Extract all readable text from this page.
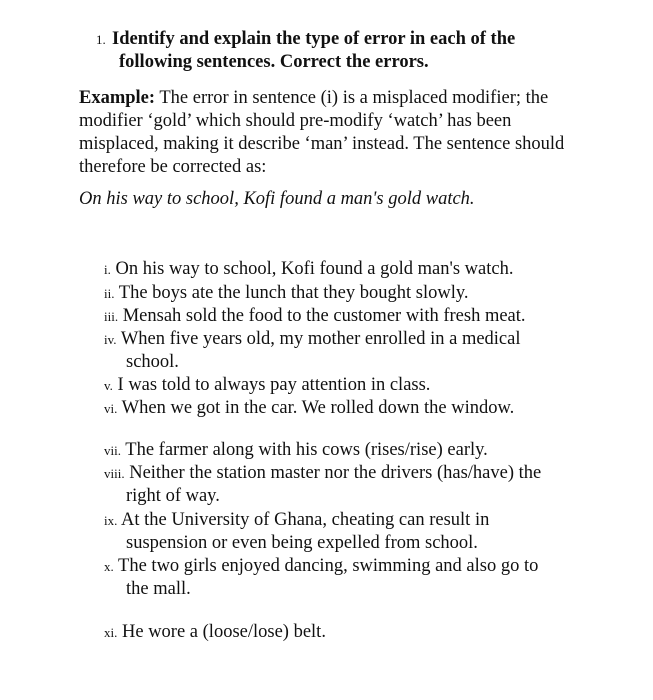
1. Identify and explain the type of error in each of the
following sentences. Correct the errors.
Example: The error in sentence (i) is a misplaced modifier; the modifier ‘gold’ which should pre-modify ‘watch’ has been misplaced, making it describe ‘man’ instead. The sentence should therefore be corrected as:
On his way to school, Kofi found a man's gold watch.
i. On his way to school, Kofi found a gold man's watch.
ii. The boys ate the lunch that they bought slowly.
iii. Mensah sold the food to the customer with fresh meat.
iv. When five years old, my mother enrolled in a medical
school.
v. I was told to always pay attention in class.
vi. When we got in the car. We rolled down the window.
vii. The farmer along with his cows (rises/rise) early.
viii. Neither the station master nor the drivers (has/have) the
right of way.
ix. At the University of Ghana, cheating can result in
suspension or even being expelled from school.
x. The two girls enjoyed dancing, swimming and also go to
the mall.
xi. He wore a (loose/lose) belt.
